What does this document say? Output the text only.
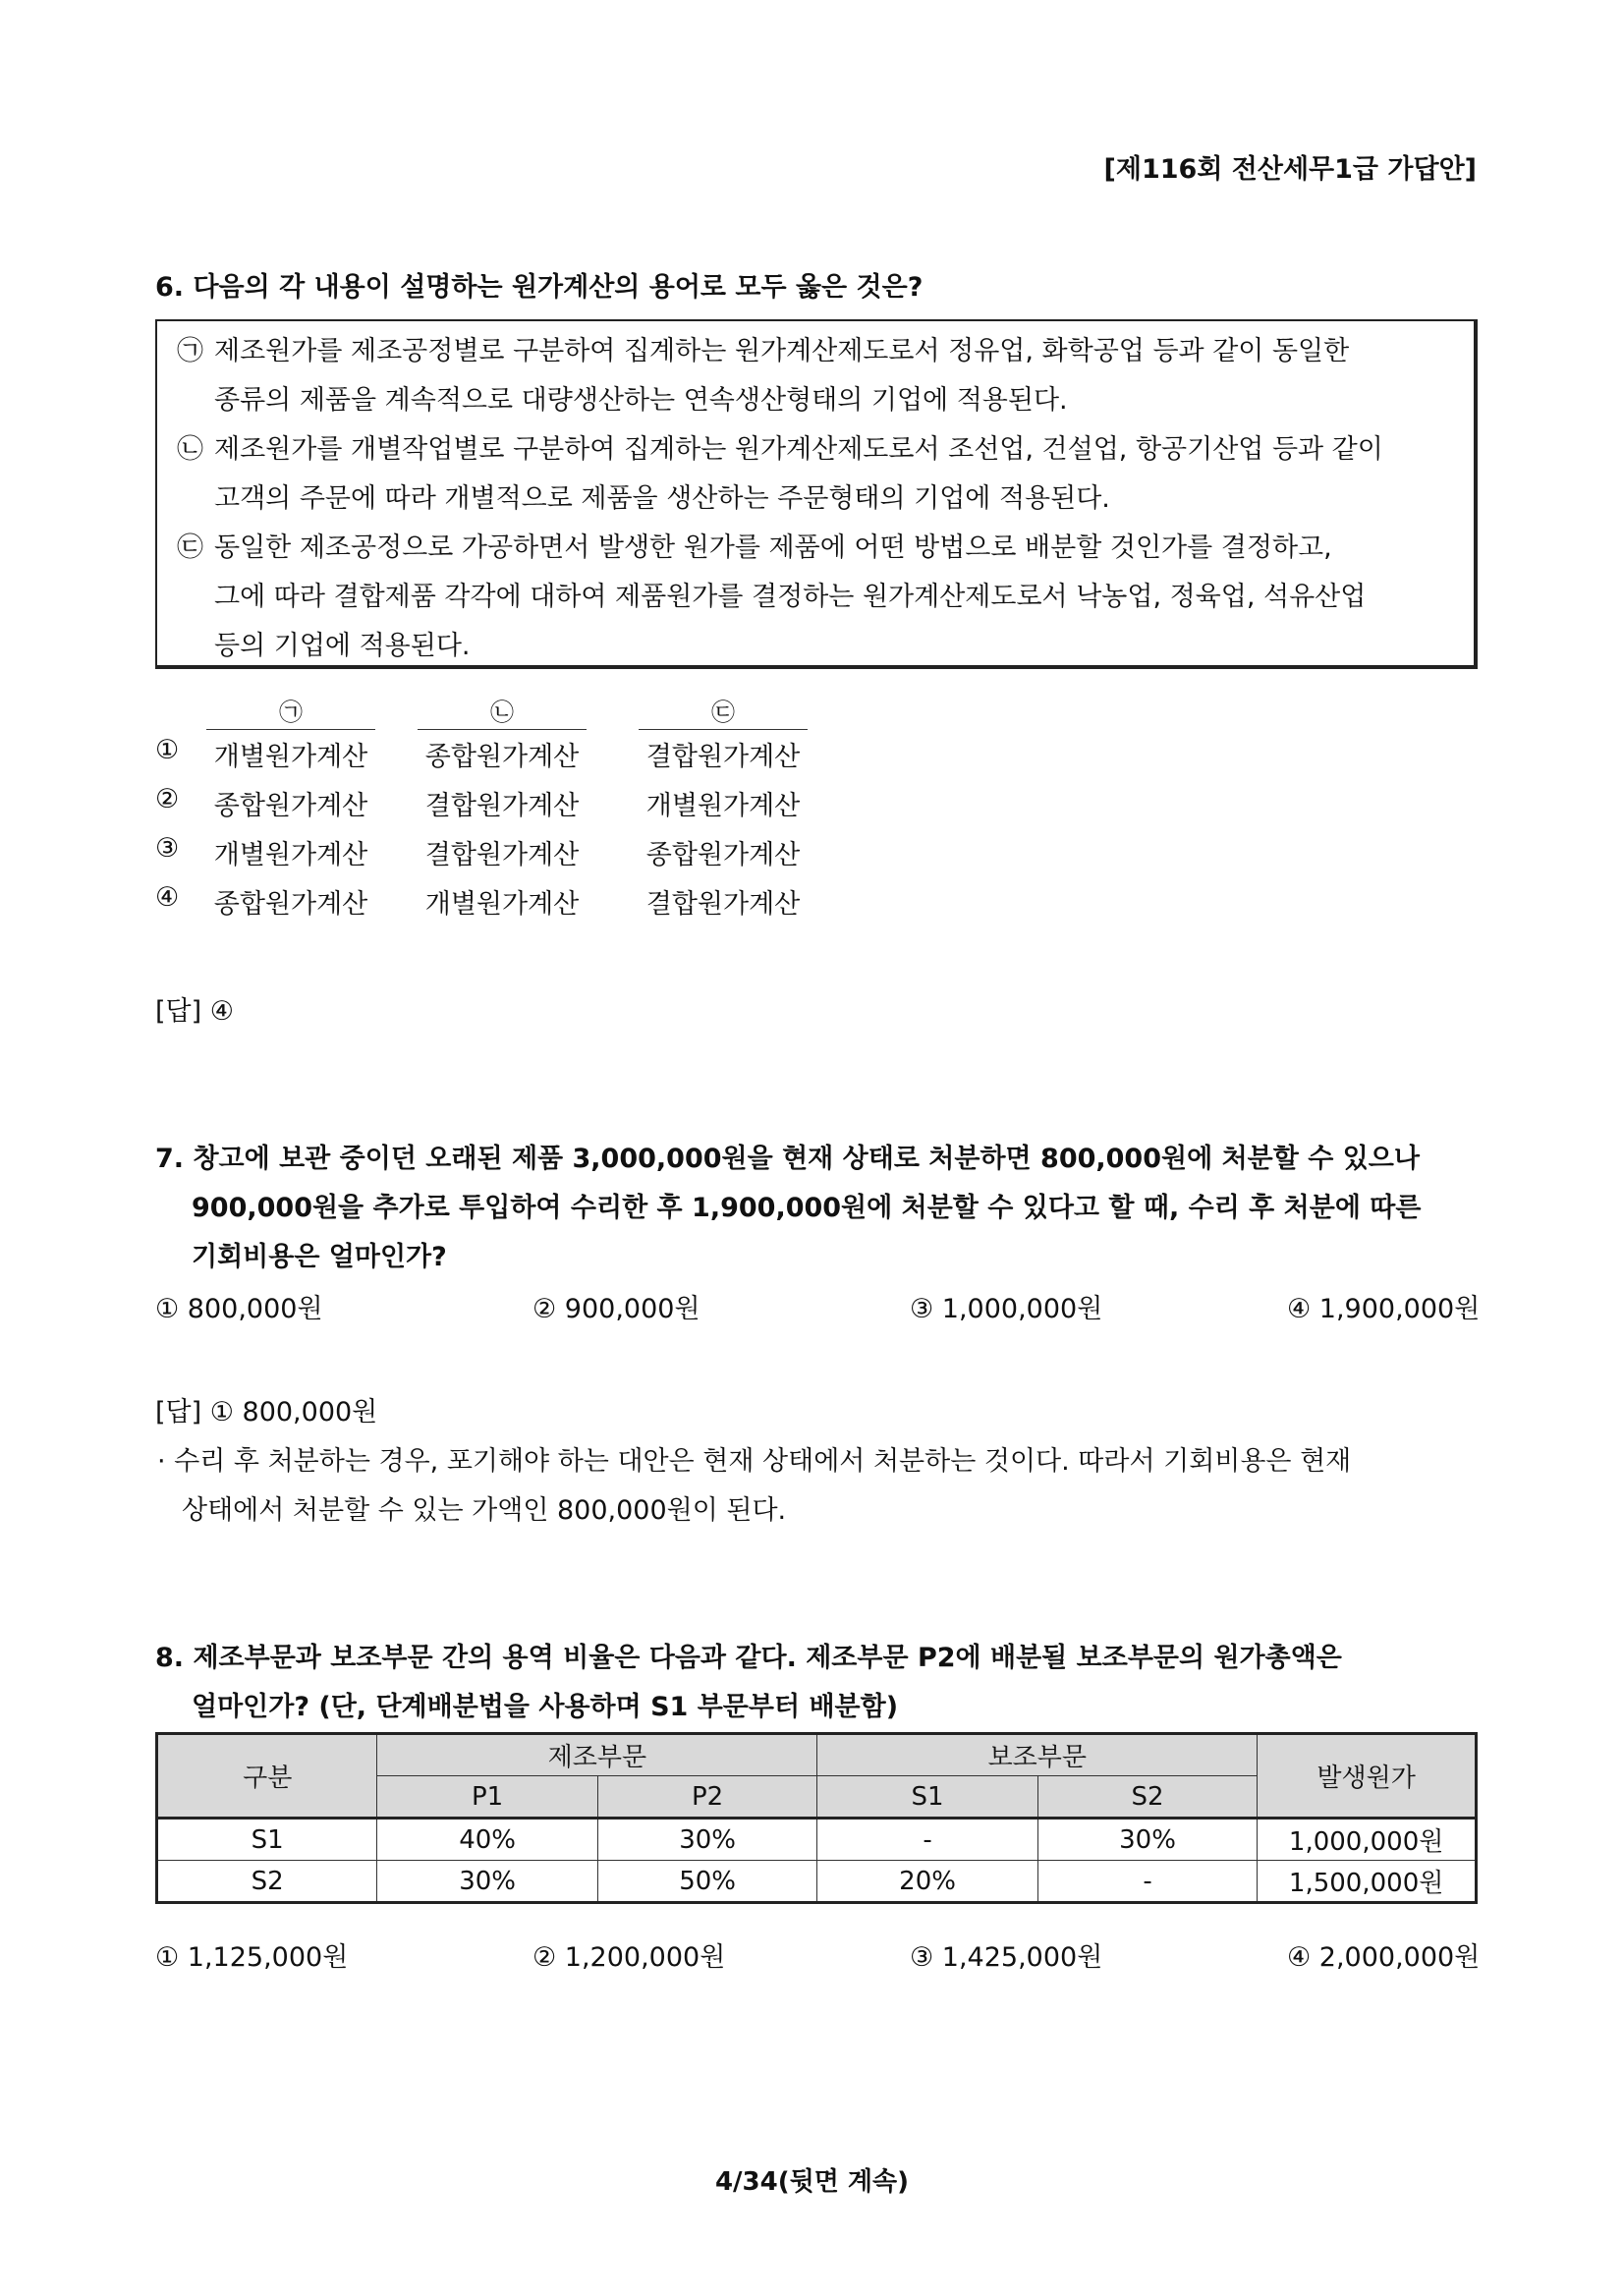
[제116회 전산세무1급 가답안]
6. 다음의 각 내용이 설명하는 원가계산의 용어로 모두 옳은 것은?
㉠ 제조원가를 제조공정별로 구분하여 집계하는 원가계산제도로서 정유업, 화학공업 등과 같이 동일한
종류의 제품을 계속적으로 대량생산하는 연속생산형태의 기업에 적용된다.
㉡ 제조원가를 개별작업별로 구분하여 집계하는 원가계산제도로서 조선업, 건설업, 항공기산업 등과 같이
고객의 주문에 따라 개별적으로 제품을 생산하는 주문형태의 기업에 적용된다.
㉢ 동일한 제조공정으로 가공하면서 발생한 원가를 제품에 어떤 방법으로 배분할 것인가를 결정하고,
그에 따라 결합제품 각각에 대하여 제품원가를 결정하는 원가계산제도로서 낙농업, 정육업, 석유산업
등의 기업에 적용된다.
㉠	㉡	㉢
① 개별원가계산 종합원가계산	결합원가계산
② 종합원가계산 결합원가계산	개별원가계산
③ 개별원가계산 결합원가계산	종합원가계산
④ 종합원가계산 개별원가계산	결합원가계산
[답] ④
7. 창고에 보관 중이던 오래된 제품 3,000,000원을 현재 상태로 처분하면 800,000원에 처분할 수 있으나
900,000원을 추가로 투입하여 수리한 후 1,900,000원에 처분할 수 있다고 할 때, 수리 후 처분에 따른
기회비용은 얼마인가?
① 800,000원	② 900,000원	③ 1,000,000원	④ 1,900,000원
[답] ① 800,000원
· 수리 후 처분하는 경우, 포기해야 하는 대안은 현재 상태에서 처분하는 것이다. 따라서 기회비용은 현재
상태에서 처분할 수 있는 가액인 800,000원이 된다.
8. 제조부문과 보조부문 간의 용역 비율은 다음과 같다. 제조부문 P2에 배분될 보조부문의 원가총액은
얼마인가? (단, 단계배분법을 사용하며 S1 부문부터 배분함)
구분	제조부문		보조부문		발생원가
	P1	P2	S1	S2	
S1	40%	30%	-	30%	1,000,000원
S2	30%	50%	20%	-	1,500,000원
① 1,125,000원	② 1,200,000원	③ 1,425,000원	④ 2,000,000원
4/34(뒷면 계속)
